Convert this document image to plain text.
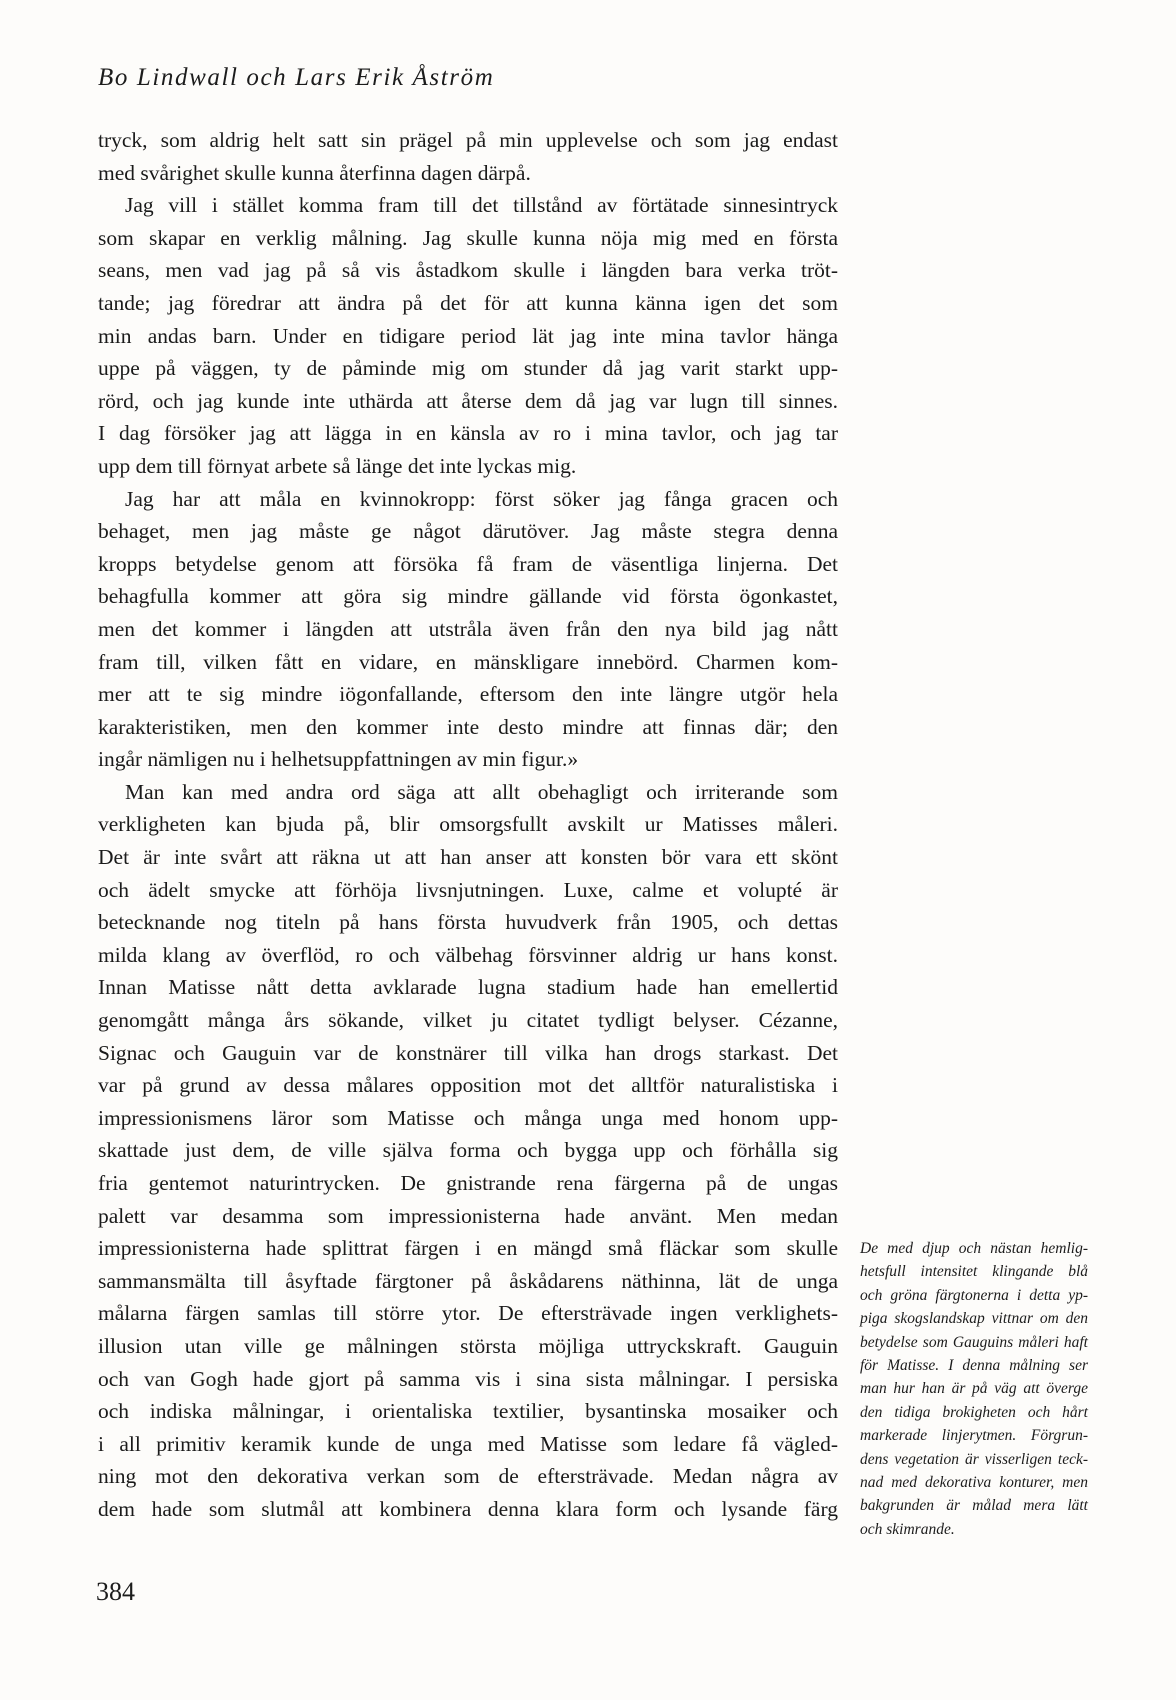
Bo Lindwall och Lars Erik Åström
tryck, som aldrig helt satt sin prägel på min upplevelse och som jag endast
med svårighet skulle kunna återfinna dagen därpå.
Jag vill i stället komma fram till det tillstånd av förtätade sinnesintryck
som skapar en verklig målning. Jag skulle kunna nöja mig med en första
seans, men vad jag på så vis åstadkom skulle i längden bara verka tröt-
tande; jag föredrar att ändra på det för att kunna känna igen det som
min andas barn. Under en tidigare period lät jag inte mina tavlor hänga
uppe på väggen, ty de påminde mig om stunder då jag varit starkt upp-
rörd, och jag kunde inte uthärda att återse dem då jag var lugn till sinnes.
I dag försöker jag att lägga in en känsla av ro i mina tavlor, och jag tar
upp dem till förnyat arbete så länge det inte lyckas mig.
Jag har att måla en kvinnokropp: först söker jag fånga gracen och
behaget, men jag måste ge något därutöver. Jag måste stegra denna
kropps betydelse genom att försöka få fram de väsentliga linjerna. Det
behagfulla kommer att göra sig mindre gällande vid första ögonkastet,
men det kommer i längden att utstråla även från den nya bild jag nått
fram till, vilken fått en vidare, en mänskligare innebörd. Charmen kom-
mer att te sig mindre iögonfallande, eftersom den inte längre utgör hela
karakteristiken, men den kommer inte desto mindre att finnas där; den
ingår nämligen nu i helhetsuppfattningen av min figur.»
Man kan med andra ord säga att allt obehagligt och irriterande som
verkligheten kan bjuda på, blir omsorgsfullt avskilt ur Matisses måleri.
Det är inte svårt att räkna ut att han anser att konsten bör vara ett skönt
och ädelt smycke att förhöja livsnjutningen. Luxe, calme et volupté är
betecknande nog titeln på hans första huvudverk från 1905, och dettas
milda klang av överflöd, ro och välbehag försvinner aldrig ur hans konst.
Innan Matisse nått detta avklarade lugna stadium hade han emellertid
genomgått många års sökande, vilket ju citatet tydligt belyser. Cézanne,
Signac och Gauguin var de konstnärer till vilka han drogs starkast. Det
var på grund av dessa målares opposition mot det alltför naturalistiska i
impressionismens läror som Matisse och många unga med honom upp-
skattade just dem, de ville själva forma och bygga upp och förhålla sig
fria gentemot naturintrycken. De gnistrande rena färgerna på de ungas
palett var desamma som impressionisterna hade använt. Men medan
impressionisterna hade splittrat färgen i en mängd små fläckar som skulle
sammansmälta till åsyftade färgtoner på åskådarens näthinna, lät de unga
målarna färgen samlas till större ytor. De eftersträvade ingen verklighets-
illusion utan ville ge målningen största möjliga uttryckskraft. Gauguin
och van Gogh hade gjort på samma vis i sina sista målningar. I persiska
och indiska målningar, i orientaliska textilier, bysantinska mosaiker och
i all primitiv keramik kunde de unga med Matisse som ledare få vägled-
ning mot den dekorativa verkan som de eftersträvade. Medan några av
dem hade som slutmål att kombinera denna klara form och lysande färg
De med djup och nästan hemlig-
hetsfull intensitet klingande blå
och gröna färgtonerna i detta yp-
piga skogslandskap vittnar om den
betydelse som Gauguins måleri haft
för Matisse. I denna målning ser
man hur han är på väg att överge
den tidiga brokigheten och hårt
markerade linjerytmen. Förgrun-
dens vegetation är visserligen teck-
nad med dekorativa konturer, men
bakgrunden är målad mera lätt
och skimrande.
384
